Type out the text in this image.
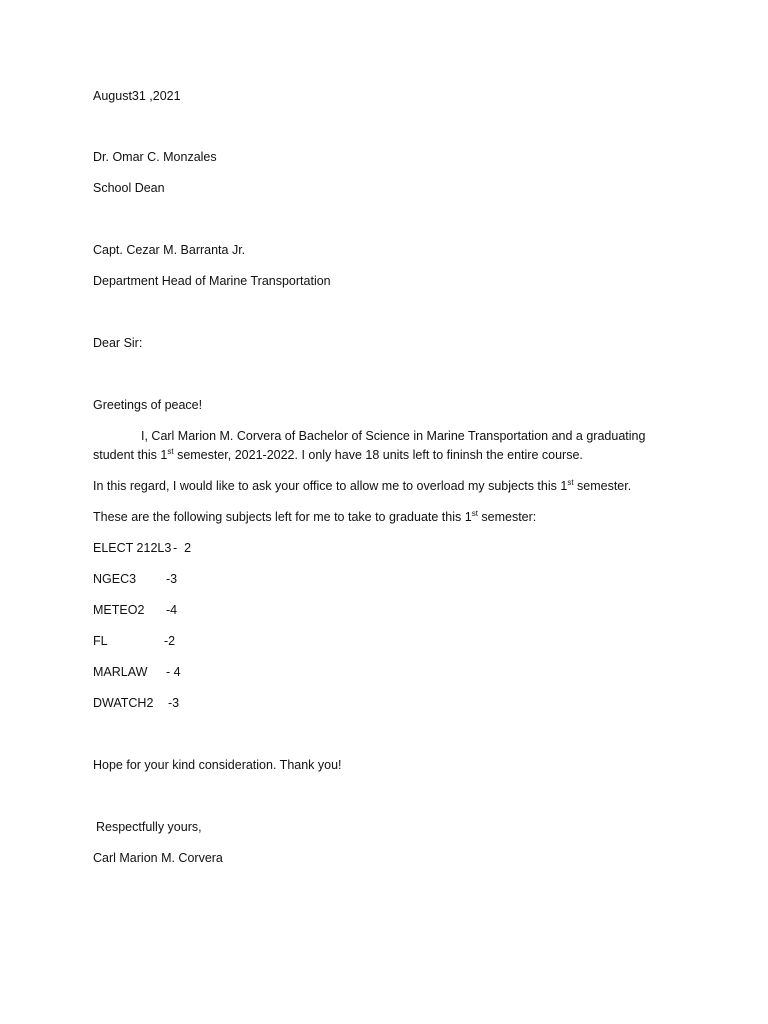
August31 ,2021
Dr. Omar C. Monzales
School Dean
Capt. Cezar M. Barranta Jr.
Department Head of Marine Transportation
Dear Sir:
Greetings of peace!
I, Carl Marion M. Corvera of Bachelor of Science in Marine Transportation and a graduating
student this 1st semester, 2021-2022. I only have 18 units left to fininsh the entire course.
In this regard, I would like to ask your office to allow me to overload my subjects this 1st semester.
These are the following subjects left for me to take to graduate this 1st semester:
ELECT 212L3 -  2
NGEC3 -3
METEO2 -4
FL	-2
MARLAW - 4
DWATCH2 -3
Hope for your kind consideration. Thank you!
Respectfully yours,
Carl Marion M. Corvera
